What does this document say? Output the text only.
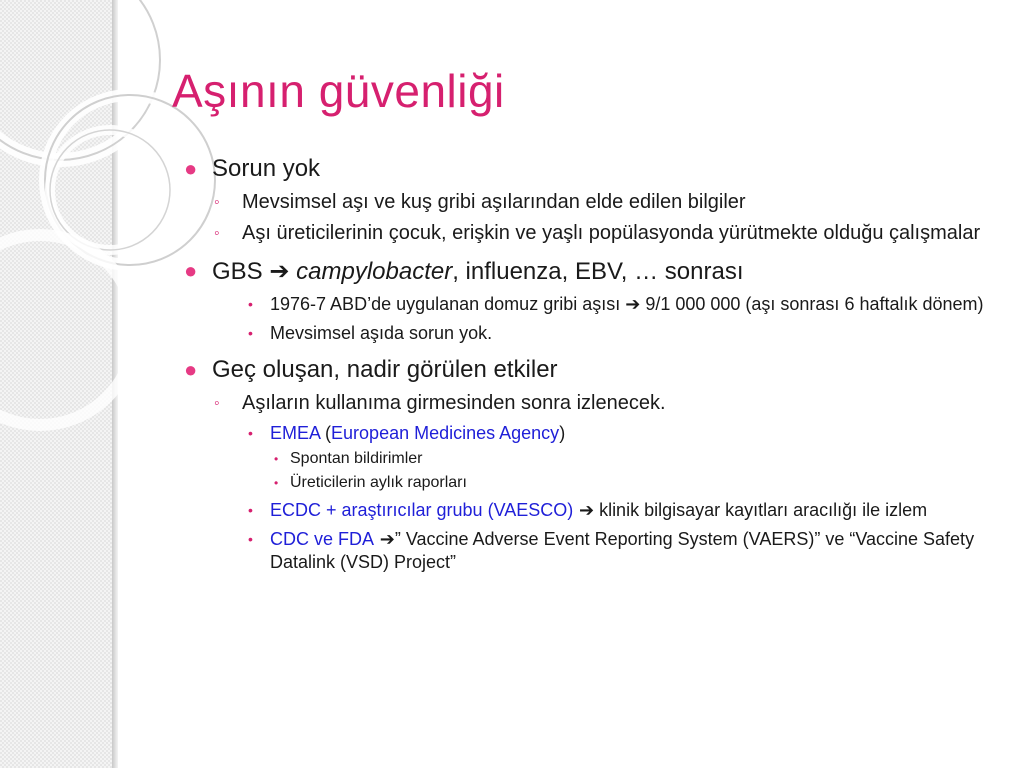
Aşının güvenliği
● Sorun yok
◦ Mevsimsel aşı ve kuş gribi aşılarından elde edilen bilgiler
◦ Aşı üreticilerinin çocuk, erişkin ve yaşlı popülasyonda yürütmekte olduğu çalışmalar
● GBS ➔ campylobacter, influenza, EBV, … sonrası
• 1976-7 ABD’de uygulanan domuz gribi aşısı ➔ 9/1 000 000 (aşı sonrası 6 haftalık dönem)
• Mevsimsel aşıda sorun yok.
● Geç oluşan, nadir görülen etkiler
◦ Aşıların kullanıma girmesinden sonra izlenecek.
• EMEA (European Medicines Agency)
• Spontan bildirimler
• Üreticilerin aylık raporları
• ECDC + araştırıcılar grubu (VAESCO) ➔ klinik bilgisayar kayıtları aracılığı ile izlem
• CDC ve FDA ➔” Vaccine Adverse Event Reporting System (VAERS)” ve “Vaccine Safety Datalink (VSD) Project”
